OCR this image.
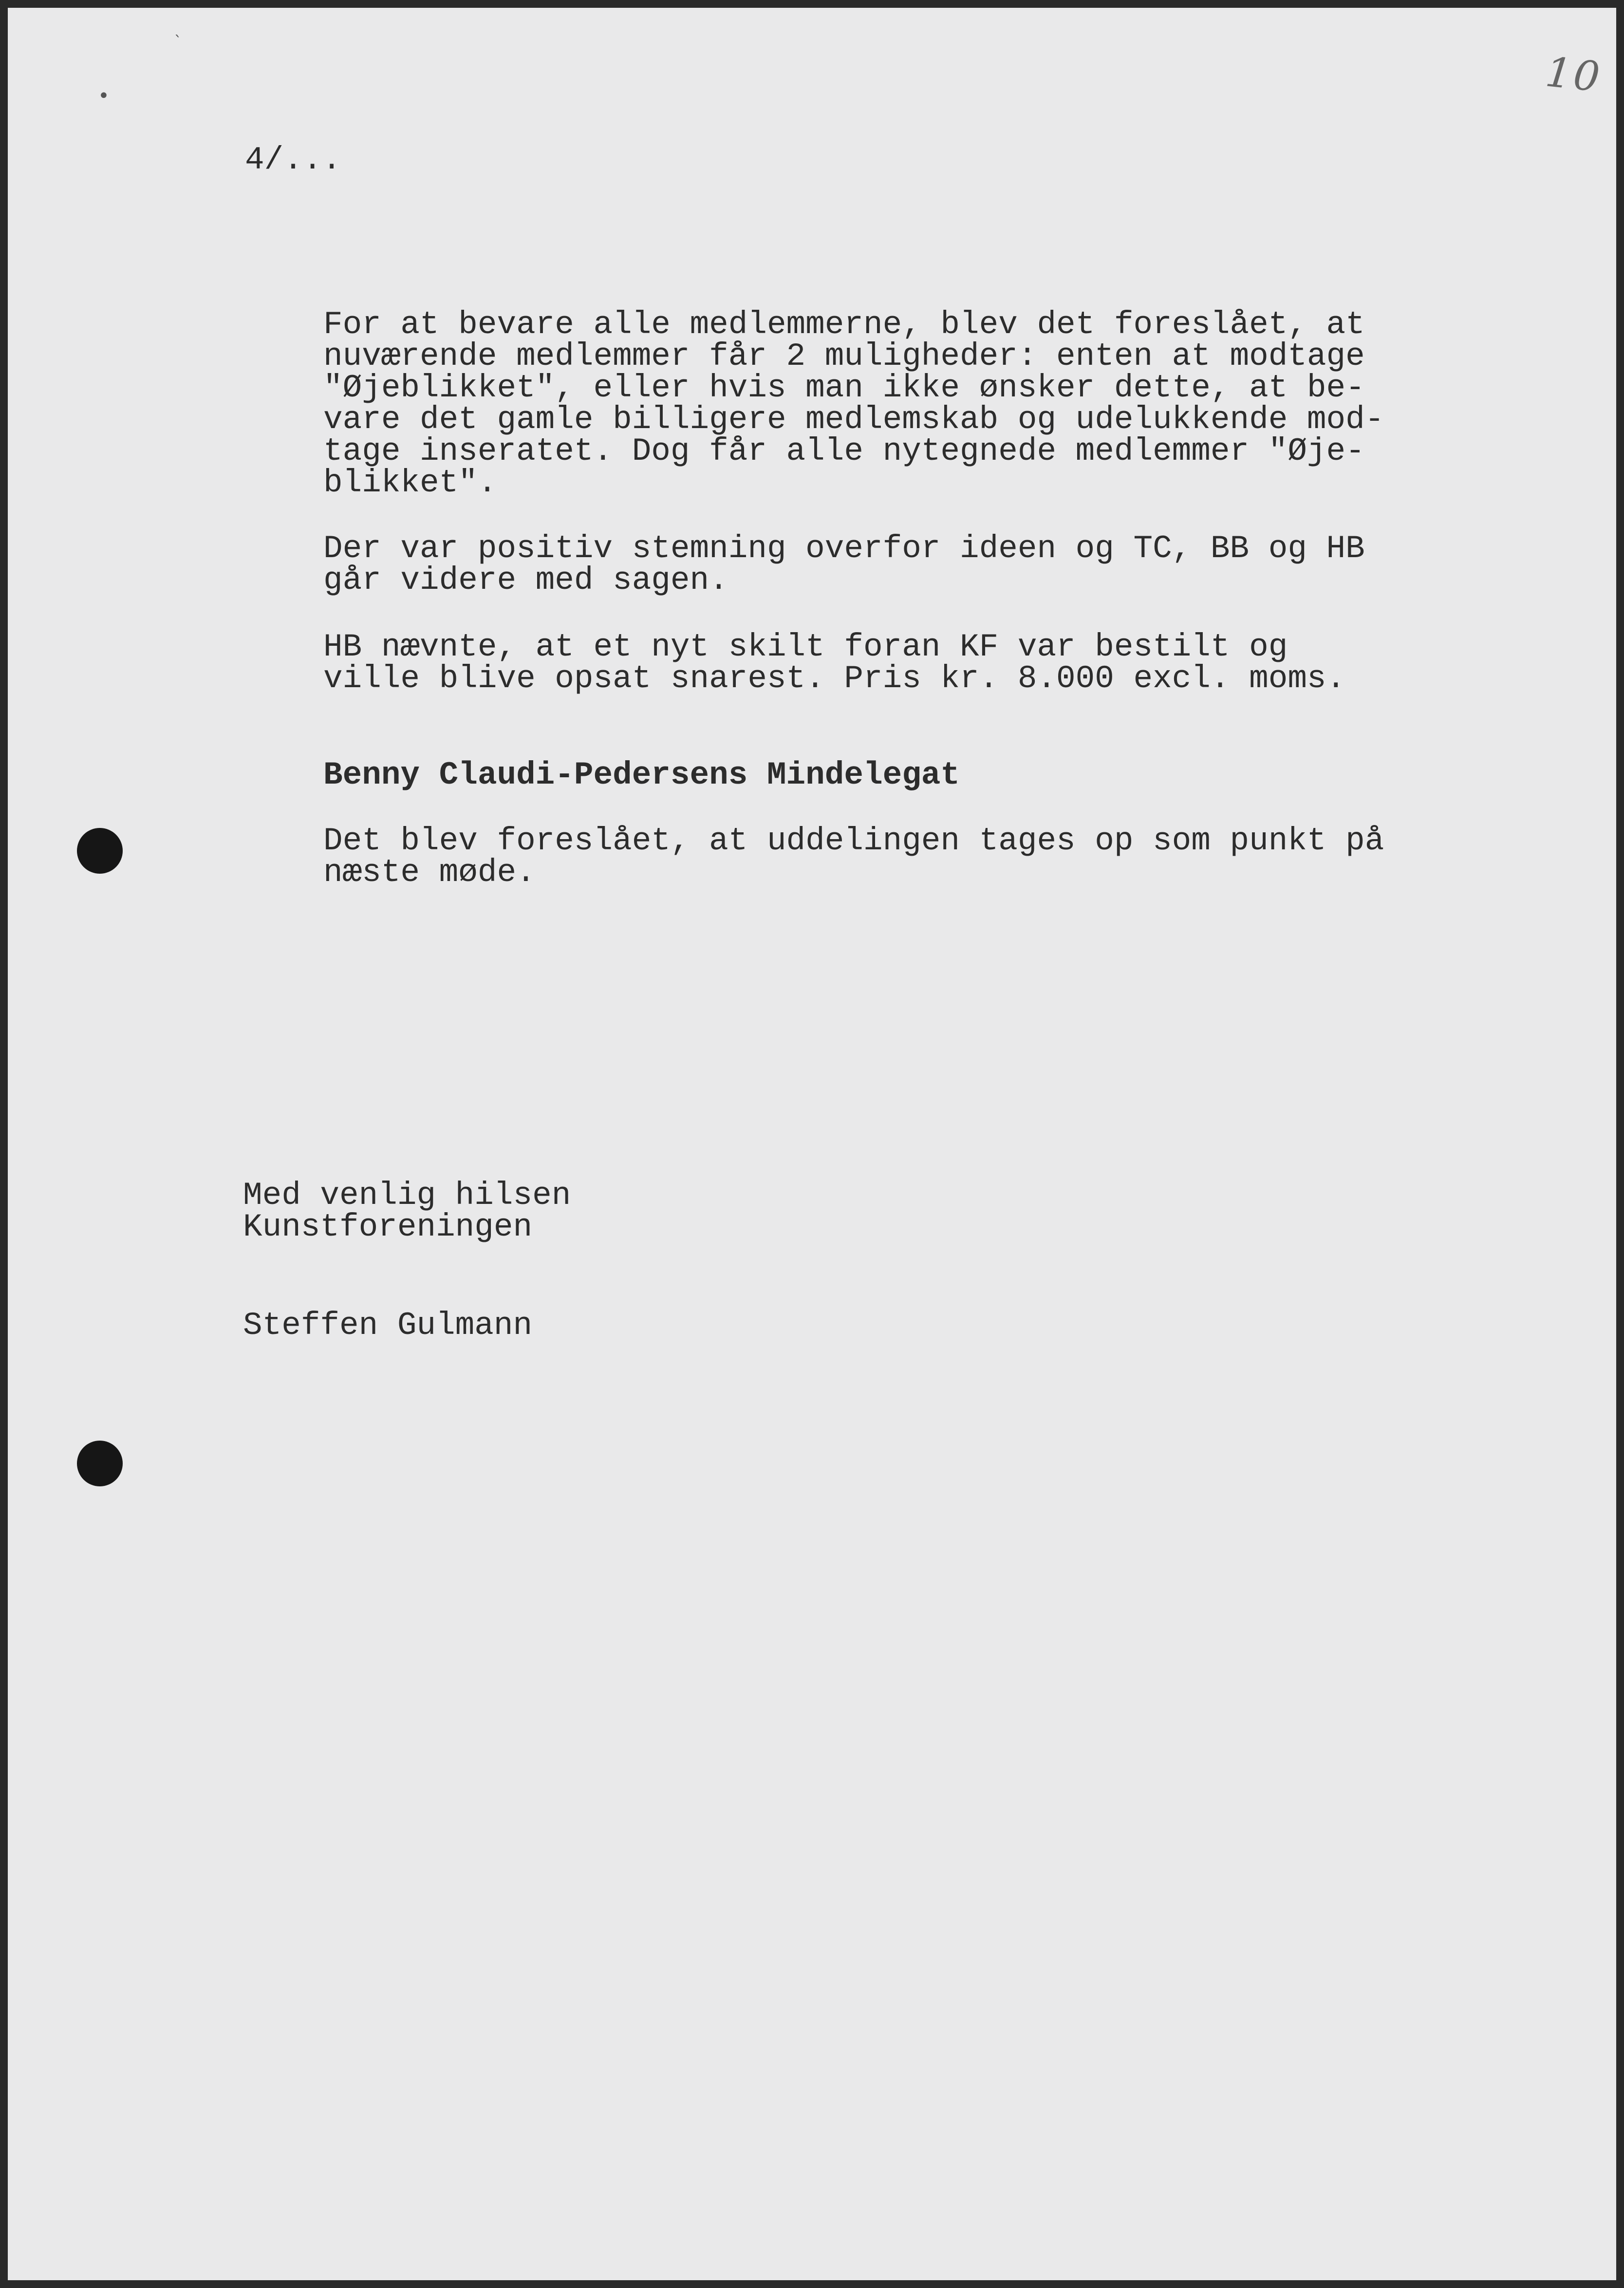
•
ˋ
10

4/...

For at bevare alle medlemmerne, blev det foreslået, at

nuværende medlemmer får 2 muligheder: enten at modtage

"Øjeblikket", eller hvis man ikke ønsker dette, at be-

vare det gamle billigere medlemskab og udelukkende mod-

tage inseratet. Dog får alle nytegnede medlemmer "Øje-

blikket".

Der var positiv stemning overfor ideen og TC, BB og HB

går videre med sagen.

HB nævnte, at et nyt skilt foran KF var bestilt og

ville blive opsat snarest. Pris kr. 8.000 excl. moms.

Benny Claudi-Pedersens Mindelegat

Det blev foreslået, at uddelingen tages op som punkt på

næste møde.

Med venlig hilsen

Kunstforeningen

Steffen Gulmann
